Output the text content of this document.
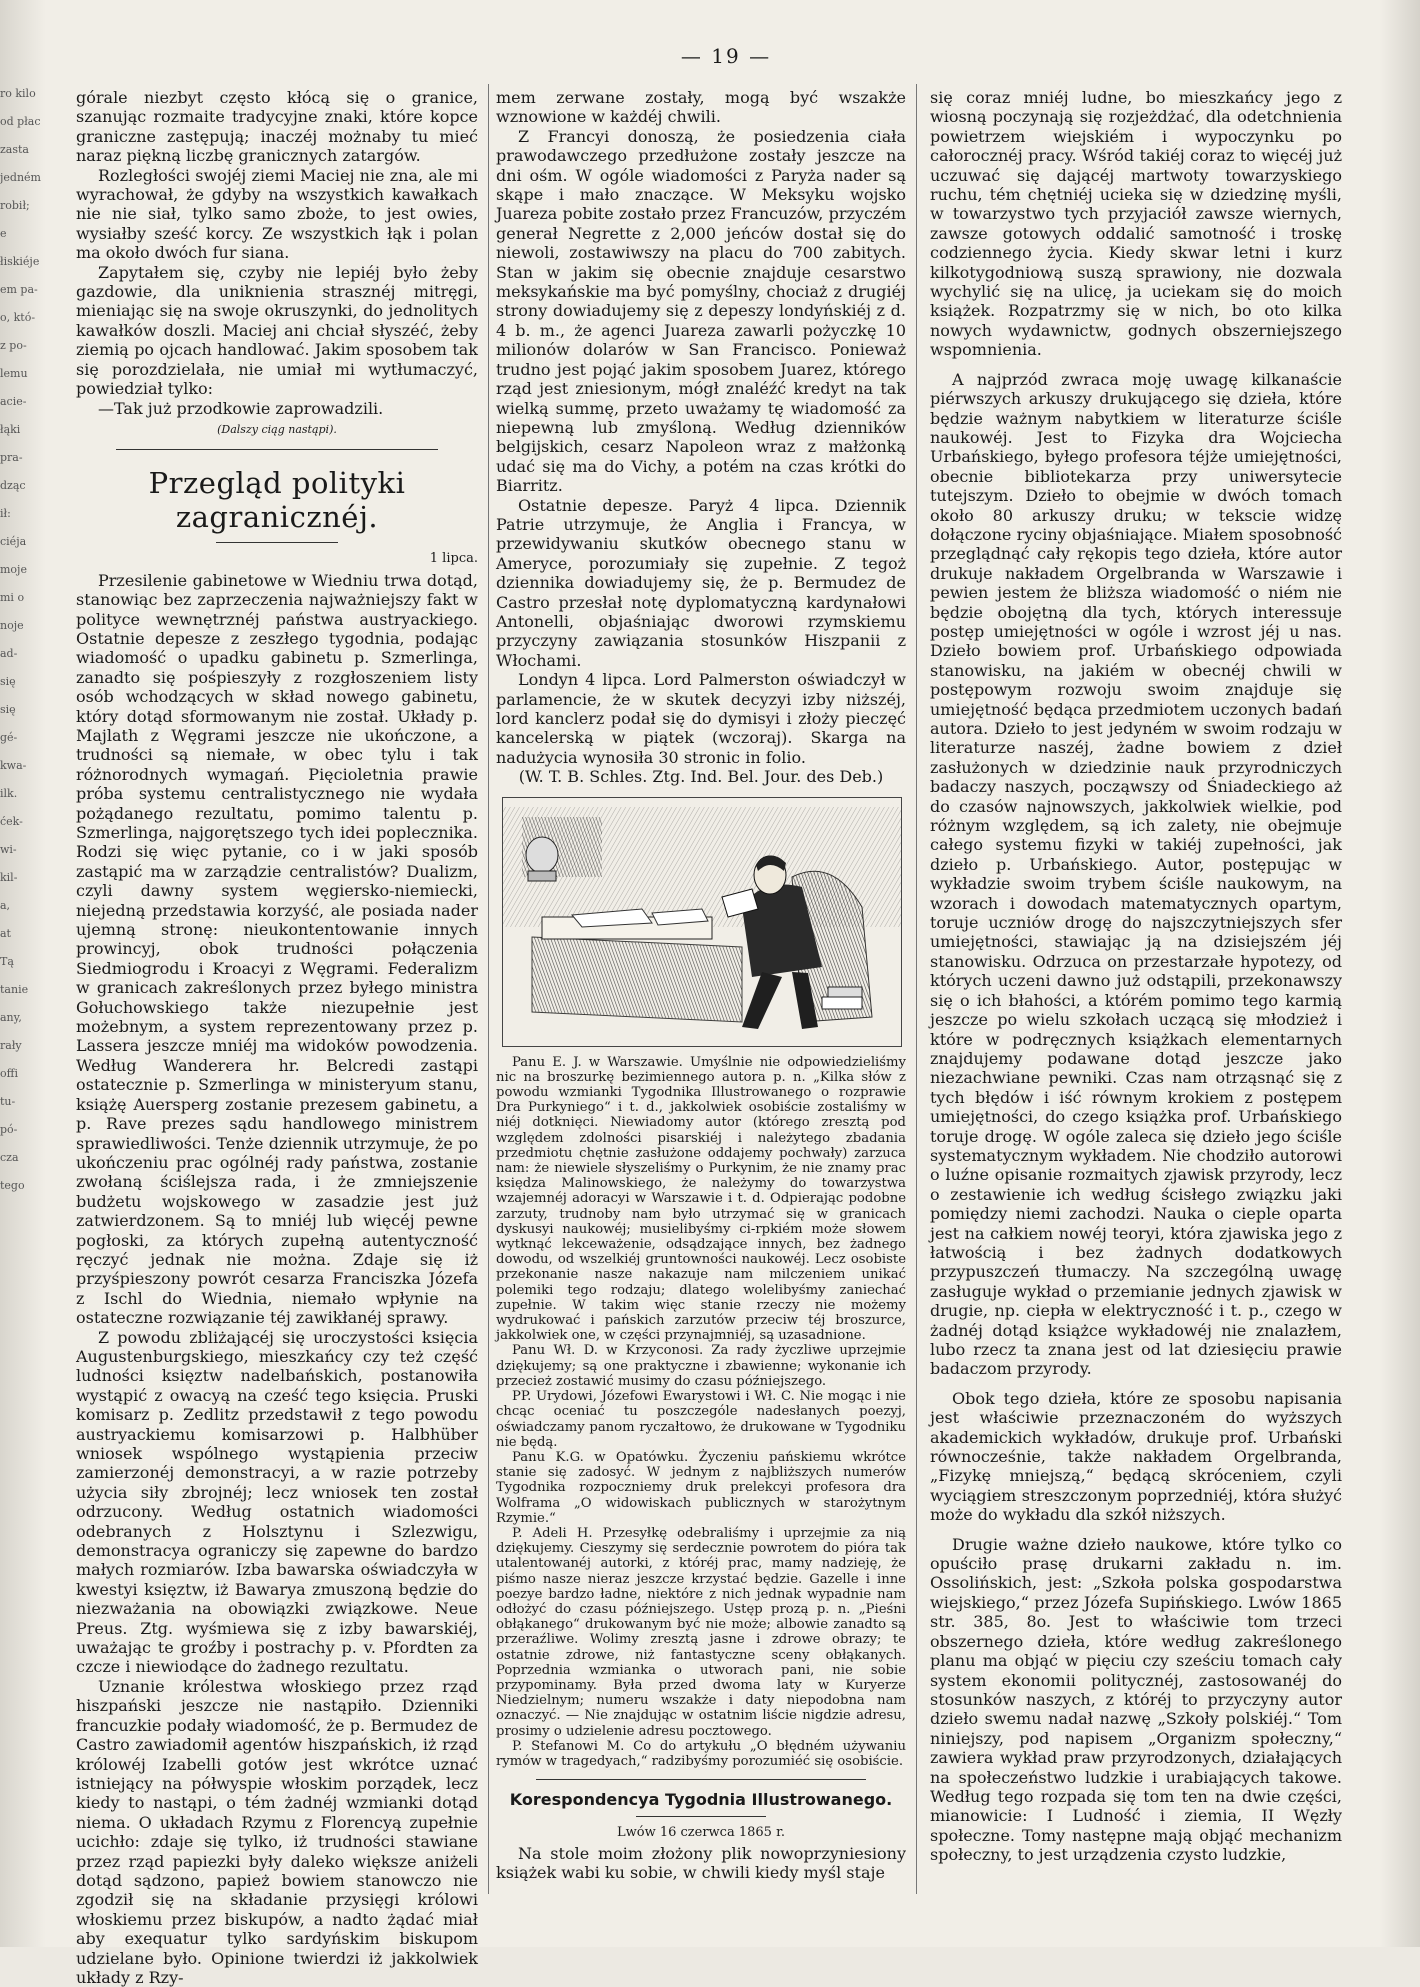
ro kilo
od płac
zasta
jedném
robił;
e
łiskiéje
em pa-
o, któ-
z po-
lemu
acie-
łąki
pra-
dząc
ił:
ciéja
moje
mi o
noje
ad-
się
się
gé-
kwa-
ilk.
ćek-
wi-
kil-
a,
at
Tą
tanie
any,
rały
offi
tu-
pó-
cza
tego
— 19 —

górale niezbyt często kłócą się o granice, szanując rozmaite tradycyjne znaki, które kopce graniczne zastępują; inaczéj możnaby tu mieć naraz piękną liczbę granicznych zatargów.

Rozległości swojéj ziemi Maciej nie zna, ale mi wyrachował, że gdyby na wszystkich kawałkach nie nie siał, tylko samo zboże, to jest owies, wysiałby sześć korcy. Ze wszystkich łąk i polan ma około dwóch fur siana.

Zapytałem się, czyby nie lepiéj było żeby gazdowie, dla uniknienia strasznéj mitręgi, mieniając się na swoje okruszynki, do jednolitych kawałków doszli. Maciej ani chciał słyszéć, żeby ziemią po ojcach handlować. Jakim sposobem tak się porozdzielała, nie umiał mi wytłumaczyć, powiedział tylko:

—Tak już przodkowie zaprowadzili.

(Dalszy ciąg nastąpi).
Przegląd polityki zagranicznéj.
1 lipca.

Przesilenie gabinetowe w Wiedniu trwa dotąd, stanowiąc bez zaprzeczenia najważniejszy fakt w polityce wewnętrznéj państwa austryackiego. Ostatnie depesze z zeszłego tygodnia, podając wiadomość o upadku gabinetu p. Szmerlinga, zanadto się pośpieszyły z rozgłoszeniem listy osób wchodzących w skład nowego gabinetu, który dotąd sformowanym nie został. Układy p. Majlath z Węgrami jeszcze nie ukończone, a trudności są niemałe, w obec tylu i tak różnorodnych wymagań. Pięcioletnia prawie próba systemu centralistycznego nie wydała pożądanego rezultatu, pomimo talentu p. Szmerlinga, najgorętszego tych idei poplecznika. Rodzi się więc pytanie, co i w jaki sposób zastąpić ma w zarządzie centralistów? Dualizm, czyli dawny system węgiersko-niemiecki, niejedną przedstawia korzyść, ale posiada nader ujemną stronę: nieukontentowanie innych prowincyj, obok trudności połączenia Siedmiogrodu i Kroacyi z Węgrami. Federalizm w granicach zakreślonych przez byłego ministra Gołuchowskiego także niezupełnie jest możebnym, a system reprezentowany przez p. Lassera jeszcze mniéj ma widoków powodzenia. Według Wanderera hr. Belcredi zastąpi ostatecznie p. Szmerlinga w ministeryum stanu, książę Auersperg zostanie prezesem gabinetu, a p. Rave prezes sądu handlowego ministrem sprawiedliwości. Tenże dziennik utrzymuje, że po ukończeniu prac ogólnéj rady państwa, zostanie zwołaną ściślejsza rada, i że zmniejszenie budżetu wojskowego w zasadzie jest już zatwierdzonem. Są to mniéj lub więcéj pewne pogłoski, za których zupełną autentyczność ręczyć jednak nie można. Zdaje się iż przyśpieszony powrót cesarza Franciszka Józefa z Ischl do Wiednia, niemało wpłynie na ostateczne rozwiązanie téj zawikłanéj sprawy.

Z powodu zbliżającéj się uroczystości księcia Augustenburgskiego, mieszkańcy czy też część ludności księztw nadelbańskich, postanowiła wystąpić z owacyą na cześć tego księcia. Pruski komisarz p. Zedlitz przedstawił z tego powodu austryackiemu komisarzowi p. Halbhüber wniosek wspólnego wystąpienia przeciw zamierzonéj demonstracyi, a w razie potrzeby użycia siły zbrojnéj; lecz wniosek ten został odrzucony. Według ostatnich wiadomości odebranych z Holsztynu i Szlezwigu, demonstracya ograniczy się zapewne do bardzo małych rozmiarów. Izba bawarska oświadczyła w kwestyi księztw, iż Bawarya zmuszoną będzie do niezważania na obowiązki związkowe. Neue Preus. Ztg. wyśmiewa się z izby bawarskiéj, uważając te groźby i postrachy p. v. Pfordten za czcze i niewiodące do żadnego rezultatu.

Uznanie królestwa włoskiego przez rząd hiszpański jeszcze nie nastąpiło. Dzienniki francuzkie podały wiadomość, że p. Bermudez de Castro zawiadomił agentów hiszpańskich, iż rząd królowéj Izabelli gotów jest wkrótce uznać istniejący na półwyspie włoskim porządek, lecz kiedy to nastąpi, o tém żadnéj wzmianki dotąd niema. O układach Rzymu z Florencyą zupełnie ucichło: zdaje się tylko, iż trudności stawiane przez rząd papiezki były daleko większe aniżeli dotąd sądzono, papież bowiem stanowczo nie zgodził się na składanie przysięgi królowi włoskiemu przez biskupów, a nadto żądać miał aby exequatur tylko sardyńskim biskupom udzielane było. Opinione twierdzi iż jakkolwiek układy z Rzy-

mem zerwane zostały, mogą być wszakże wznowione w każdéj chwili.

Z Francyi donoszą, że posiedzenia ciała prawodawczego przedłużone zostały jeszcze na dni ośm. W ogóle wiadomości z Paryża nader są skąpe i mało znaczące. W Meksyku wojsko Juareza pobite zostało przez Francuzów, przyczém generał Negrette z 2,000 jeńców dostał się do niewoli, zostawiwszy na placu do 700 zabitych. Stan w jakim się obecnie znajduje cesarstwo meksykańskie ma być pomyślny, chociaż z drugiéj strony dowiadujemy się z depeszy londyńskiéj z d. 4 b. m., że agenci Juareza zawarli pożyczkę 10 milionów dolarów w San Francisco. Ponieważ trudno jest pojąć jakim sposobem Juarez, którego rząd jest zniesionym, mógł znaléźć kredyt na tak wielką summę, przeto uważamy tę wiadomość za niepewną lub zmyśloną. Według dzienników belgijskich, cesarz Napoleon wraz z małżonką udać się ma do Vichy, a potém na czas krótki do Biarritz.

Ostatnie depesze. Paryż 4 lipca. Dziennik Patrie utrzymuje, że Anglia i Francya, w przewidywaniu skutków obecnego stanu w Ameryce, porozumiały się zupełnie. Z tegoż dziennika dowiadujemy się, że p. Bermudez de Castro przesłał notę dyplomatyczną kardynałowi Antonelli, objaśniając dworowi rzymskiemu przyczyny zawiązania stosunków Hiszpanii z Włochami.

Londyn 4 lipca. Lord Palmerston oświadczył w parlamencie, że w skutek decyzyi izby niższéj, lord kanclerz podał się do dymisyi i złoży pieczęć kancelerską w piątek (wczoraj). Skarga na nadużycia wynosiła 30 stronic in folio.

(W. T. B. Schles. Ztg. Ind. Bel. Jour. des Deb.)

Panu E. J. w Warszawie. Umyślnie nie odpowiedzieliśmy nic na broszurkę bezimiennego autora p. n. „Kilka słów z powodu wzmianki Tygodnika Illustrowanego o rozprawie Dra Purkyniego“ i t. d., jakkolwiek osobiście zostaliśmy w niéj dotknięci. Niewiadomy autor (którego zresztą pod względem zdolności pisarskiéj i należytego zbadania przedmiotu chętnie zasłużone oddajemy pochwały) zarzuca nam: że niewiele słyszeliśmy o Purkynim, że nie znamy prac księdza Malinowskiego, że należymy do towarzystwa wzajemnéj adoracyi w Warszawie i t. d. Odpierając podobne zarzuty, trudnoby nam było utrzymać się w granicach dyskusyi naukowéj; musielibyśmy ci-rpkiém może słowem wytknąć lekceważenie, odsądzające innych, bez żadnego dowodu, od wszelkiéj gruntowności naukowéj. Lecz osobiste przekonanie nasze nakazuje nam milczeniem unikać polemiki tego rodzaju; dlatego wolelibyśmy zaniechać zupełnie. W takim więc stanie rzeczy nie możemy wydrukować i pańskich zarzutów przeciw téj broszurce, jakkolwiek one, w części przynajmniéj, są uzasadnione.

Panu Wł. D. w Krzyconosi. Za rady życzliwe uprzejmie dziękujemy; są one praktyczne i zbawienne; wykonanie ich przecież zostawić musimy do czasu późniejszego.

PP. Urydowi, Józefowi Ewarystowi i Wł. C. Nie mogąc i nie chcąc oceniać tu poszczególe nadesłanych poezyj, oświadczamy panom ryczałtowo, że drukowane w Tygodniku nie będą.

Panu K.G. w Opatówku. Życzeniu pańskiemu wkrótce stanie się zadosyć. W jednym z najbliższych numerów Tygodnika rozpoczniemy druk prelekcyi profesora dra Wolframa „O widowiskach publicznych w starożytnym Rzymie.“

P. Adeli H. Przesyłkę odebraliśmy i uprzejmie za nią dziękujemy. Cieszymy się serdecznie powrotem do pióra tak utalentowanéj autorki, z któréj prac, mamy nadzieję, że piśmo nasze nieraz jeszcze krzystać będzie. Gazelle i inne poezye bardzo ładne, niektóre z nich jednak wypadnie nam odłożyć do czasu późniejszego. Ustęp prozą p. n. „Pieśni obłąkanego“ drukowanym być nie może; albowie zanadto są przeraźliwe. Wolimy zresztą jasne i zdrowe obrazy; te ostatnie zdrowe, niż fantastyczne sceny obłąkanych. Poprzednia wzmianka o utworach pani, nie sobie przypominamy. Była przed dwoma laty w Kuryerze Niedzielnym; numeru wszakże i daty niepodobna nam oznaczyć. — Nie znajdując w ostatnim liście nigdzie adresu, prosimy o udzielenie adresu pocztowego.

P. Stefanowi M. Co do artykułu „O błędném używaniu rymów w tragedyach,“ radzibyśmy porozumiéć się osobiście.

Korespondencya Tygodnia Illustrowanego.
Lwów 16 czerwca 1865 r.

Na stole moim złożony plik nowoprzyniesiony książek wabi ku sobie, w chwili kiedy myśl staje

się coraz mniéj ludne, bo mieszkańcy jego z wiosną poczynają się rozjeżdżać, dla odetchnienia powietrzem wiejskiém i wypoczynku po całorocznéj pracy. Wśród takiéj coraz to więcéj już uczuwać się dającéj martwoty towarzyskiego ruchu, tém chętniéj ucieka się w dziedzinę myśli, w towarzystwo tych przyjaciół zawsze wiernych, zawsze gotowych oddalić samotność i troskę codziennego życia. Kiedy skwar letni i kurz kilkotygodniową suszą sprawiony, nie dozwala wychylić się na ulicę, ja uciekam się do moich książek. Rozpatrzmy się w nich, bo oto kilka nowych wydawnictw, godnych obszerniejszego wspomnienia.

A najprzód zwraca moję uwagę kilkanaście piérwszych arkuszy drukującego się dzieła, które będzie ważnym nabytkiem w literaturze ściśle naukowéj. Jest to Fizyka dra Wojciecha Urbańskiego, byłego profesora téjże umiejętności, obecnie bibliotekarza przy uniwersytecie tutejszym. Dzieło to obejmie w dwóch tomach około 80 arkuszy druku; w tekscie widzę dołączone ryciny objaśniające. Miałem sposobność przeglądnąć cały rękopis tego dzieła, które autor drukuje nakładem Orgelbranda w Warszawie i pewien jestem że bliższa wiadomość o niém nie będzie obojętną dla tych, których interessuje postęp umiejętności w ogóle i wzrost jéj u nas. Dzieło bowiem prof. Urbańskiego odpowiada stanowisku, na jakiém w obecnéj chwili w postępowym rozwoju swoim znajduje się umiejętność będąca przedmiotem uczonych badań autora. Dzieło to jest jedyném w swoim rodzaju w literaturze naszéj, żadne bowiem z dzieł zasłużonych w dziedzinie nauk przyrodniczych badaczy naszych, począwszy od Śniadeckiego aż do czasów najnowszych, jakkolwiek wielkie, pod różnym względem, są ich zalety, nie obejmuje całego systemu fizyki w takiéj zupełności, jak dzieło p. Urbańskiego. Autor, postępując w wykładzie swoim trybem ściśle naukowym, na wzorach i dowodach matematycznych opartym, toruje uczniów drogę do najszczytniejszych sfer umiejętności, stawiając ją na dzisiejszém jéj stanowisku. Odrzuca on przestarzałe hypotezy, od których uczeni dawno już odstąpili, przekonawszy się o ich błahości, a którém pomimo tego karmią jeszcze po wielu szkołach uczącą się młodzież i które w podręcznych książkach elementarnych znajdujemy podawane dotąd jeszcze jako niezachwiane pewniki. Czas nam otrząsnąć się z tych błędów i iść równym krokiem z postępem umiejętności, do czego książka prof. Urbańskiego toruje drogę. W ogóle zaleca się dzieło jego ściśle systematycznym wykładem. Nie chodziło autorowi o luźne opisanie rozmaitych zjawisk przyrody, lecz o zestawienie ich według ścisłego związku jaki pomiędzy niemi zachodzi. Nauka o cieple oparta jest na całkiem nowéj teoryi, która zjawiska jego z łatwością i bez żadnych dodatkowych przypuszczeń tłumaczy. Na szczególną uwagę zasługuje wykład o przemianie jednych zjawisk w drugie, np. ciepła w elektryczność i t. p., czego w żadnéj dotąd książce wykładowéj nie znalazłem, lubo rzecz ta znana jest od lat dziesięciu prawie badaczom przyrody.

Obok tego dzieła, które ze sposobu napisania jest właściwie przeznaczoném do wyższych akademickich wykładów, drukuje prof. Urbański równocześnie, także nakładem Orgelbranda, „Fizykę mniejszą,“ będącą skróceniem, czyli wyciągiem streszczonym poprzedniéj, która służyć może do wykładu dla szkół niższych.

Drugie ważne dzieło naukowe, które tylko co opuściło prasę drukarni zakładu n. im. Ossolińskich, jest: „Szkoła polska gospodarstwa wiejskiego,“ przez Józefa Supińskiego. Lwów 1865 str. 385, 8o. Jest to właściwie tom trzeci obszernego dzieła, które według zakreślonego planu ma objąć w pięciu czy sześciu tomach cały system ekonomii politycznéj, zastosowanéj do stosunków naszych, z któréj to przyczyny autor dzieło swemu nadał nazwę „Szkoły polskiéj.“ Tom niniejszy, pod napisem „Organizm społeczny,“ zawiera wykład praw przyrodzonych, działających na społeczeństwo ludzkie i urabiających takowe. Według tego rozpada się tom ten na dwie części, mianowicie: I Ludność i ziemia, II Węzły społeczne. Tomy następne mają objąć mechanizm społeczny, to jest urządzenia czysto ludzkie,
